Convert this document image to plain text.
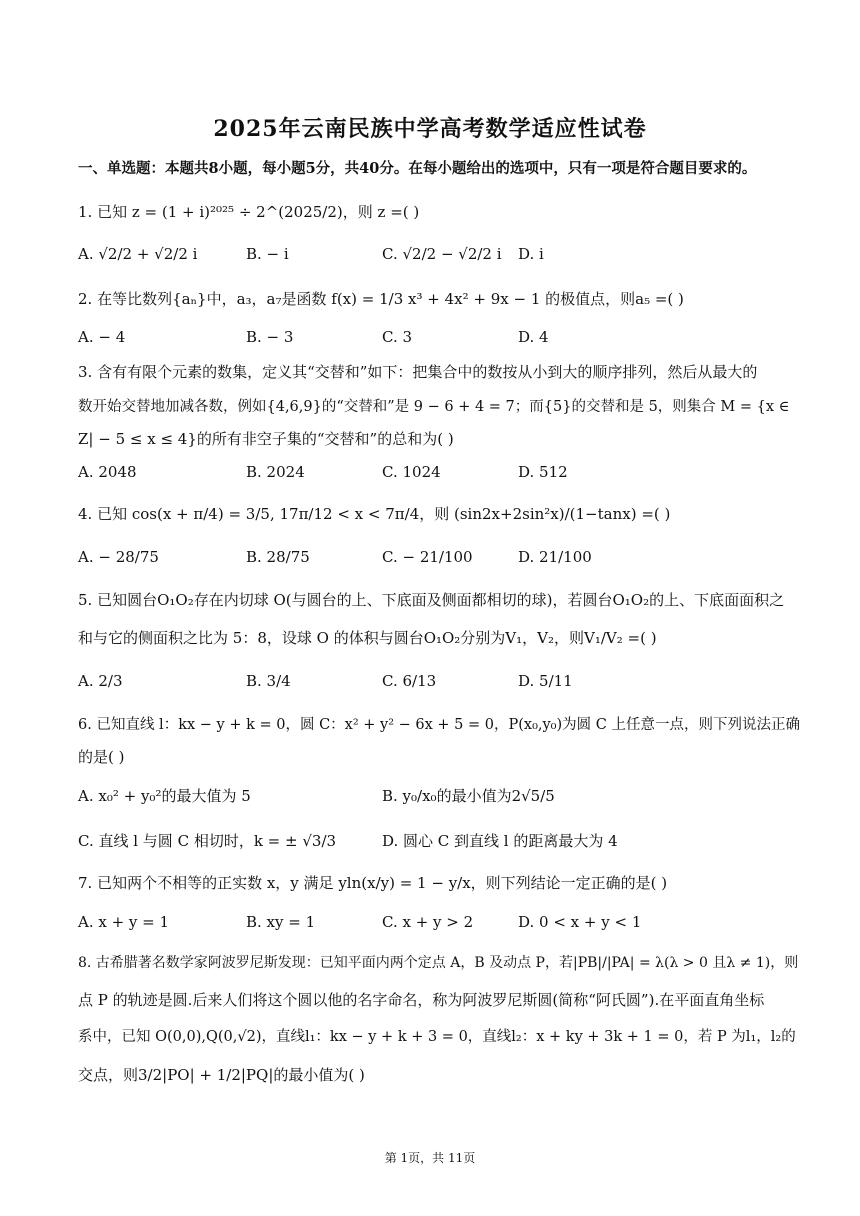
2025年云南民族中学高考数学适应性试卷
一、单选题：本题共8小题，每小题5分，共40分。在每小题给出的选项中，只有一项是符合题目要求的。
1. 已知 z = (1 + i)²⁰²⁵ ÷ 2^(2025/2)，则 z =( )
A. √2/2 + √2/2 i	B. − i	C. √2/2 − √2/2 i D. i
2. 在等比数列{aₙ}中，a₃，a₇是函数 f(x) = 1/3 x³ + 4x² + 9x − 1 的极值点，则a₅ =( )
A. − 4	B. − 3	C. 3	D. 4
3. 含有有限个元素的数集，定义其“交替和”如下：把集合中的数按从小到大的顺序排列，然后从最大的
数开始交替地加减各数，例如{4,6,9}的“交替和”是 9 − 6 + 4 = 7；而{5}的交替和是 5，则集合 M = {x ∈
Z| − 5 ≤ x ≤ 4}的所有非空子集的“交替和”的总和为( )
A. 2048	B. 2024	C. 1024	D. 512
4. 已知 cos(x + π/4) = 3/5, 17π/12 < x < 7π/4，则 (sin2x+2sin²x)/(1−tanx) =( )
A. − 28/75	B. 28/75	C. − 21/100	D. 21/100
5. 已知圆台O₁O₂存在内切球 O(与圆台的上、下底面及侧面都相切的球)，若圆台O₁O₂的上、下底面面积之
和与它的侧面积之比为 5：8，设球 O 的体积与圆台O₁O₂分别为V₁，V₂，则V₁/V₂ =( )
A. 2/3	B. 3/4	C. 6/13	D. 5/11
6. 已知直线 l：kx − y + k = 0，圆 C：x² + y² − 6x + 5 = 0，P(x₀,y₀)为圆 C 上任意一点，则下列说法正确
的是( )
A. x₀² + y₀²的最大值为 5	B. y₀/x₀的最小值为2√5/5
C. 直线 l 与圆 C 相切时，k = ± √3/3	D. 圆心 C 到直线 l 的距离最大为 4
7. 已知两个不相等的正实数 x，y 满足 yln(x/y) = 1 − y/x，则下列结论一定正确的是( )
A. x + y = 1	B. xy = 1	C. x + y > 2	D. 0 < x + y < 1
8. 古希腊著名数学家阿波罗尼斯发现：已知平面内两个定点 A，B 及动点 P，若|PB|/|PA| = λ(λ > 0 且λ ≠ 1)，则
点 P 的轨迹是圆.后来人们将这个圆以他的名字命名，称为阿波罗尼斯圆(简称“阿氏圆”).在平面直角坐标
系中，已知 O(0,0),Q(0,√2)，直线l₁：kx − y + k + 3 = 0，直线l₂：x + ky + 3k + 1 = 0，若 P 为l₁，l₂的
交点，则3/2|PO| + 1/2|PQ|的最小值为( )
第 1页，共 11页
